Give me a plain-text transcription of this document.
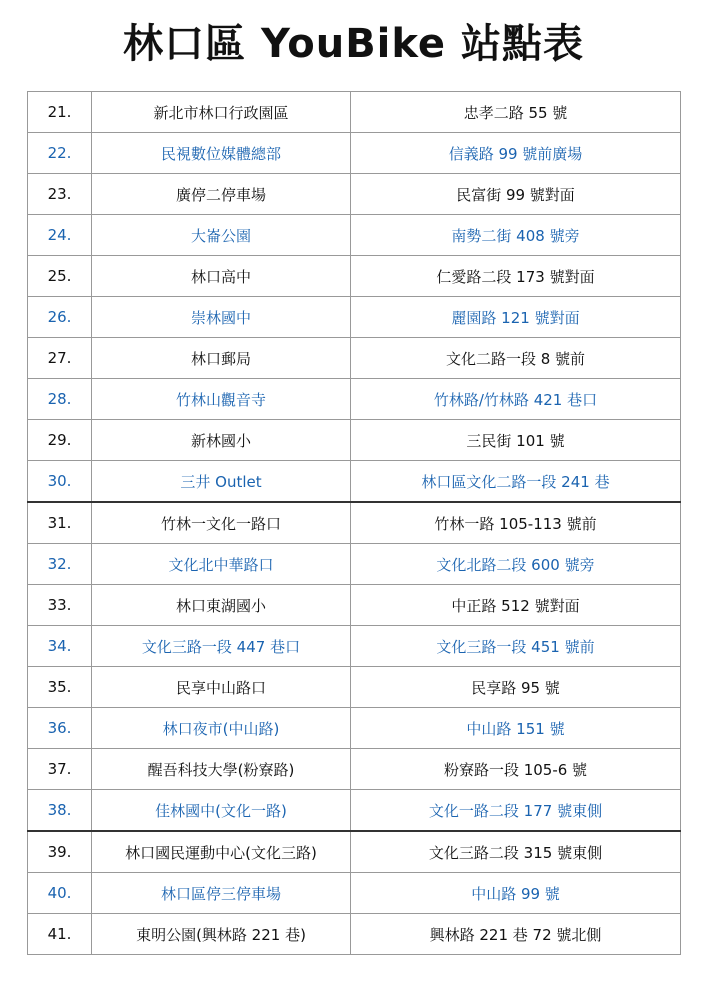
林口區 YouBike 站點表
21.	新北市林口行政園區	忠孝二路 55 號
22.	民視數位媒體總部	信義路 99 號前廣場
23.	廣停二停車場	民富街 99 號對面
24.	大崙公園	南勢二街 408 號旁
25.	林口高中	仁愛路二段 173 號對面
26.	崇林國中	麗園路 121 號對面
27.	林口郵局	文化二路一段 8 號前
28.	竹林山觀音寺	竹林路/竹林路 421 巷口
29.	新林國小	三民街 101 號
30.	三井 Outlet	林口區文化二路一段 241 巷
31.	竹林一文化一路口	竹林一路 105-113 號前
32.	文化北中華路口	文化北路二段 600 號旁
33.	林口東湖國小	中正路 512 號對面
34.	文化三路一段 447 巷口	文化三路一段 451 號前
35.	民享中山路口	民享路 95 號
36.	林口夜市(中山路)	中山路 151 號
37.	醒吾科技大學(粉寮路)	粉寮路一段 105-6 號
38.	佳林國中(文化一路)	文化一路二段 177 號東側
39.	林口國民運動中心(文化三路)	文化三路二段 315 號東側
40.	林口區停三停車場	中山路 99 號
41.	東明公園(興林路 221 巷)	興林路 221 巷 72 號北側
